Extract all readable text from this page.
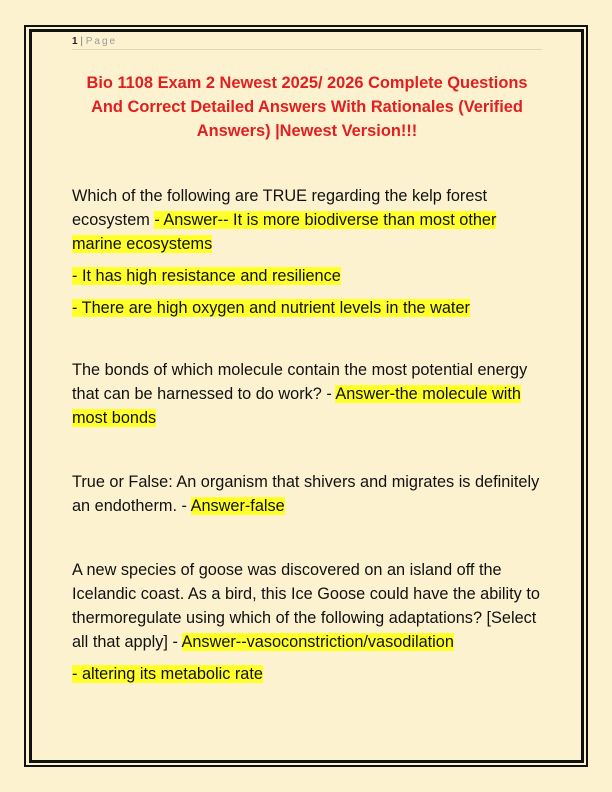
1 | Page
Bio 1108 Exam 2 Newest 2025/ 2026 Complete Questions And Correct Detailed Answers With Rationales (Verified Answers) |Newest Version!!!

Which of the following are TRUE regarding the kelp forest ecosystem - Answer-- It is more biodiverse than most other marine ecosystems

- It has high resistance and resilience

- There are high oxygen and nutrient levels in the water

The bonds of which molecule contain the most potential energy that can be harnessed to do work? - Answer-the molecule with most bonds

True or False: An organism that shivers and migrates is definitely an endotherm. - Answer-false

A new species of goose was discovered on an island off the Icelandic coast. As a bird, this Ice Goose could have the ability to thermoregulate using which of the following adaptations? [Select all that apply] - Answer--vasoconstriction/vasodilation

- altering its metabolic rate
